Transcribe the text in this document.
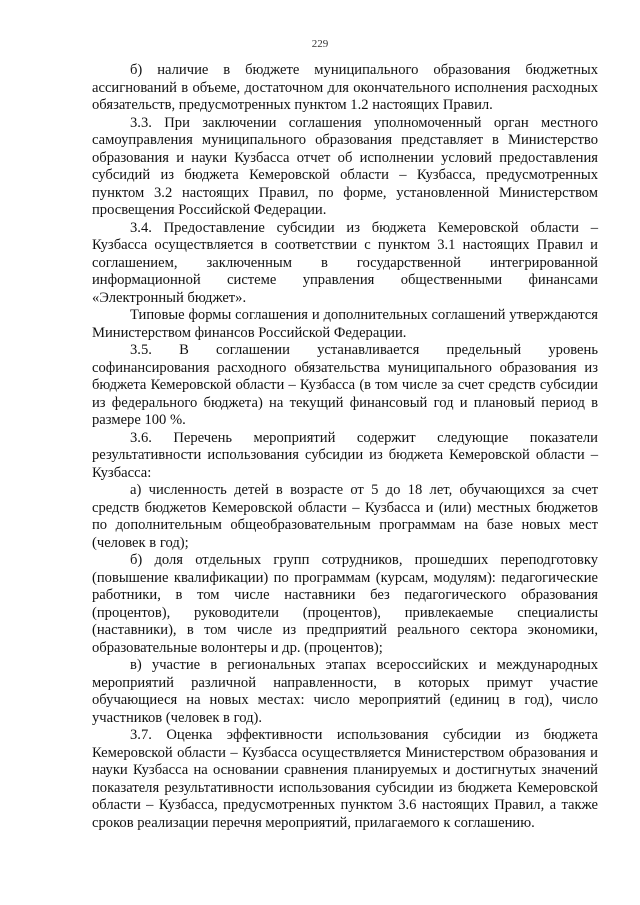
229

б) наличие в бюджете муниципального образования бюджетных ассигнований в объеме, достаточном для окончательного исполнения расходных обязательств, предусмотренных пунктом 1.2 настоящих Правил.

3.3. При заключении соглашения уполномоченный орган местного самоуправления муниципального образования представляет в Министерство образования и науки Кузбасса отчет об исполнении условий предоставления субсидий из бюджета Кемеровской области – Кузбасса, предусмотренных пунктом 3.2 настоящих Правил, по форме, установленной Министерством просвещения Российской Федерации.

3.4. Предоставление субсидии из бюджета Кемеровской области – Кузбасса осуществляется в соответствии с пунктом 3.1 настоящих Правил и соглашением, заключенным в государственной интегрированной информационной системе управления общественными финансами «Электронный бюджет».

Типовые формы соглашения и дополнительных соглашений утверждаются Министерством финансов Российской Федерации.

3.5. В соглашении устанавливается предельный уровень софинансирования расходного обязательства муниципального образования из бюджета Кемеровской области – Кузбасса (в том числе за счет средств субсидии из федерального бюджета) на текущий финансовый год и плановый период в размере 100 %.

3.6. Перечень мероприятий содержит следующие показатели результативности использования субсидии из бюджета Кемеровской области – Кузбасса:

а) численность детей в возрасте от 5 до 18 лет, обучающихся за счет средств бюджетов Кемеровской области – Кузбасса и (или) местных бюджетов по дополнительным общеобразовательным программам на базе новых мест (человек в год);

б) доля отдельных групп сотрудников, прошедших переподготовку (повышение квалификации) по программам (курсам, модулям): педагогические работники, в том числе наставники без педагогического образования (процентов), руководители (процентов), привлекаемые специалисты (наставники), в том числе из предприятий реального сектора экономики, образовательные волонтеры и др. (процентов);

в) участие в региональных этапах всероссийских и международных мероприятий различной направленности, в которых примут участие обучающиеся на новых местах: число мероприятий (единиц в год), число участников (человек в год).

3.7. Оценка эффективности использования субсидии из бюджета Кемеровской области – Кузбасса осуществляется Министерством образования и науки Кузбасса на основании сравнения планируемых и достигнутых значений показателя результативности использования субсидии из бюджета Кемеровской области – Кузбасса, предусмотренных пунктом 3.6 настоящих Правил, а также сроков реализации перечня мероприятий, прилагаемого к соглашению.
